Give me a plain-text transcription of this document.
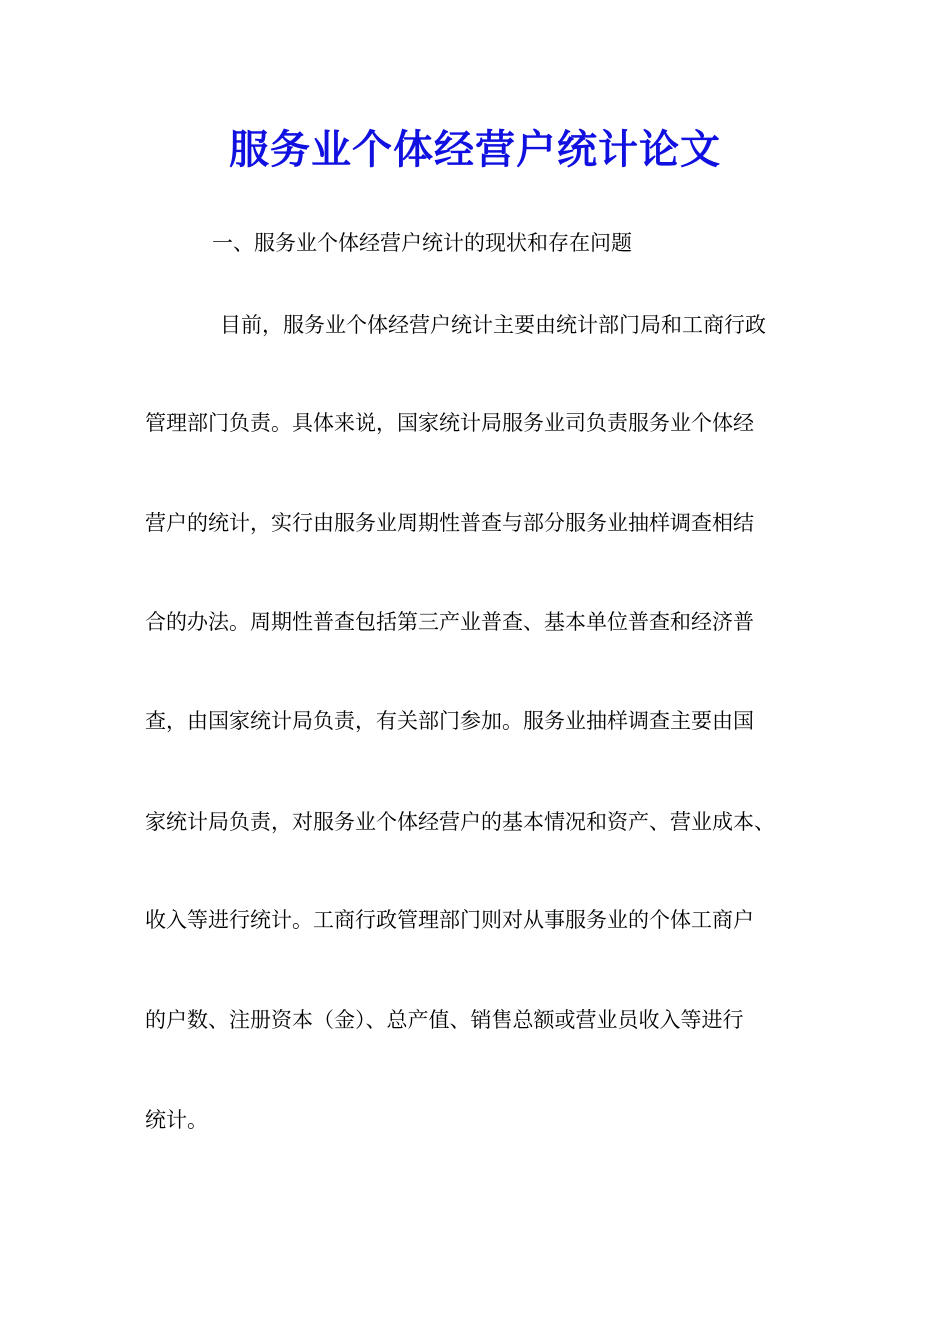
服务业个体经营户统计论文
一、服务业个体经营户统计的现状和存在问题
目前，服务业个体经营户统计主要由统计部门局和工商行政
管理部门负责。具体来说，国家统计局服务业司负责服务业个体经
营户的统计，实行由服务业周期性普查与部分服务业抽样调查相结
合的办法。周期性普查包括第三产业普查、基本单位普查和经济普
查，由国家统计局负责，有关部门参加。服务业抽样调查主要由国
家统计局负责，对服务业个体经营户的基本情况和资产、营业成本、
收入等进行统计。工商行政管理部门则对从事服务业的个体工商户
的户数、注册资本（金）、总产值、销售总额或营业员收入等进行
统计。
